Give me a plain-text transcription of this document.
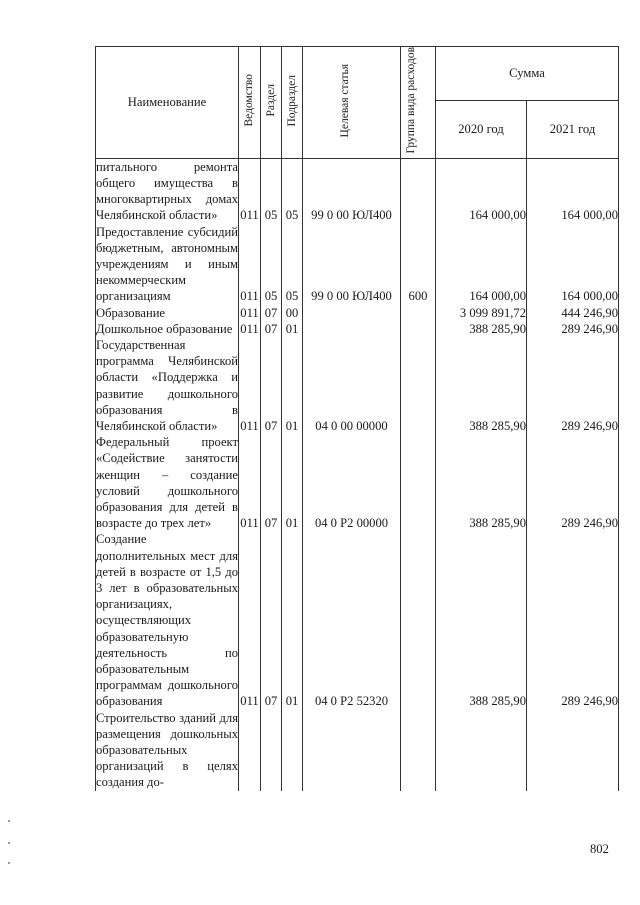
Наименование	Ведомство	Раздел	Подраздел	Целевая статья	Группа вида расходов	Сумма	
						2020 год	2021 год

питального ремонта общего имущества в многоквартирных домах Челябинской области»	011	05	05	99 0 00 ЮЛ400		164 000,00	164 000,00

Предоставление субсидий бюджетным, автономным учреждениям и иным некоммерческим организациям	011	05	05	99 0 00 ЮЛ400	600	164 000,00	164 000,00

Образование	011	07	00			3 099 891,72	444 246,90

Дошкольное образование	011	07	01			388 285,90	289 246,90

Государственная программа Челябинской области «Поддержка и развитие дошкольного образования в Челябинской области»	011	07	01	04 0 00 00000		388 285,90	289 246,90

Федеральный проект «Содействие занятости женщин – создание условий дошкольного образования для детей в возрасте до трех лет»	011	07	01	04 0 P2 00000		388 285,90	289 246,90

Создание дополнительных мест для детей в возрасте от 1,5 до 3 лет в образовательных организациях, осуществляющих образовательную деятельность по образовательным программам дошкольного образования	011	07	01	04 0 P2 52320		388 285,90	289 246,90

Строительство зданий для размещения дошкольных образовательных организаций в целях создания до-							

802
